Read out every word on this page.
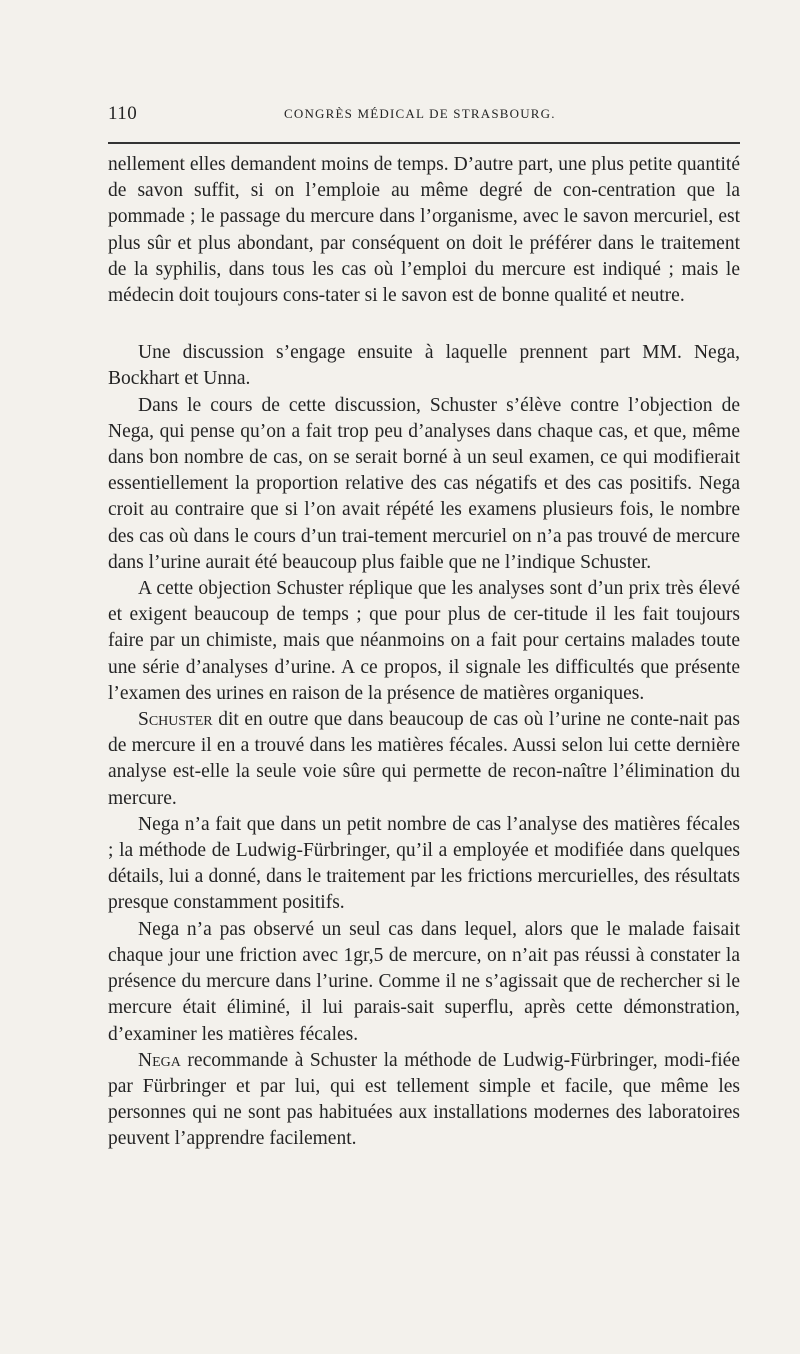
110	CONGRÈS MÉDICAL DE STRASBOURG.

nellement elles demandent moins de temps. D’autre part, une plus petite quantité de savon suffit, si on l’emploie au même degré de con-centration que la pommade ; le passage du mercure dans l’organisme, avec le savon mercuriel, est plus sûr et plus abondant, par conséquent on doit le préférer dans le traitement de la syphilis, dans tous les cas où l’emploi du mercure est indiqué ; mais le médecin doit toujours cons-tater si le savon est de bonne qualité et neutre.

Une discussion s’engage ensuite à laquelle prennent part MM. Nega, Bockhart et Unna.

Dans le cours de cette discussion, Schuster s’élève contre l’objection de Nega, qui pense qu’on a fait trop peu d’analyses dans chaque cas, et que, même dans bon nombre de cas, on se serait borné à un seul examen, ce qui modifierait essentiellement la proportion relative des cas négatifs et des cas positifs. Nega croit au contraire que si l’on avait répété les examens plusieurs fois, le nombre des cas où dans le cours d’un trai-tement mercuriel on n’a pas trouvé de mercure dans l’urine aurait été beaucoup plus faible que ne l’indique Schuster.

A cette objection Schuster réplique que les analyses sont d’un prix très élevé et exigent beaucoup de temps ; que pour plus de cer-titude il les fait toujours faire par un chimiste, mais que néanmoins on a fait pour certains malades toute une série d’analyses d’urine. A ce propos, il signale les difficultés que présente l’examen des urines en raison de la présence de matières organiques.

Schuster dit en outre que dans beaucoup de cas où l’urine ne conte-nait pas de mercure il en a trouvé dans les matières fécales. Aussi selon lui cette dernière analyse est-elle la seule voie sûre qui permette de recon-naître l’élimination du mercure.

Nega n’a fait que dans un petit nombre de cas l’analyse des matières fécales ; la méthode de Ludwig-Fürbringer, qu’il a employée et modifiée dans quelques détails, lui a donné, dans le traitement par les frictions mercurielles, des résultats presque constamment positifs.

Nega n’a pas observé un seul cas dans lequel, alors que le malade faisait chaque jour une friction avec 1gr,5 de mercure, on n’ait pas réussi à constater la présence du mercure dans l’urine. Comme il ne s’agissait que de rechercher si le mercure était éliminé, il lui parais-sait superflu, après cette démonstration, d’examiner les matières fécales.

Nega recommande à Schuster la méthode de Ludwig-Fürbringer, modi-fiée par Fürbringer et par lui, qui est tellement simple et facile, que même les personnes qui ne sont pas habituées aux installations modernes des laboratoires peuvent l’apprendre facilement.
